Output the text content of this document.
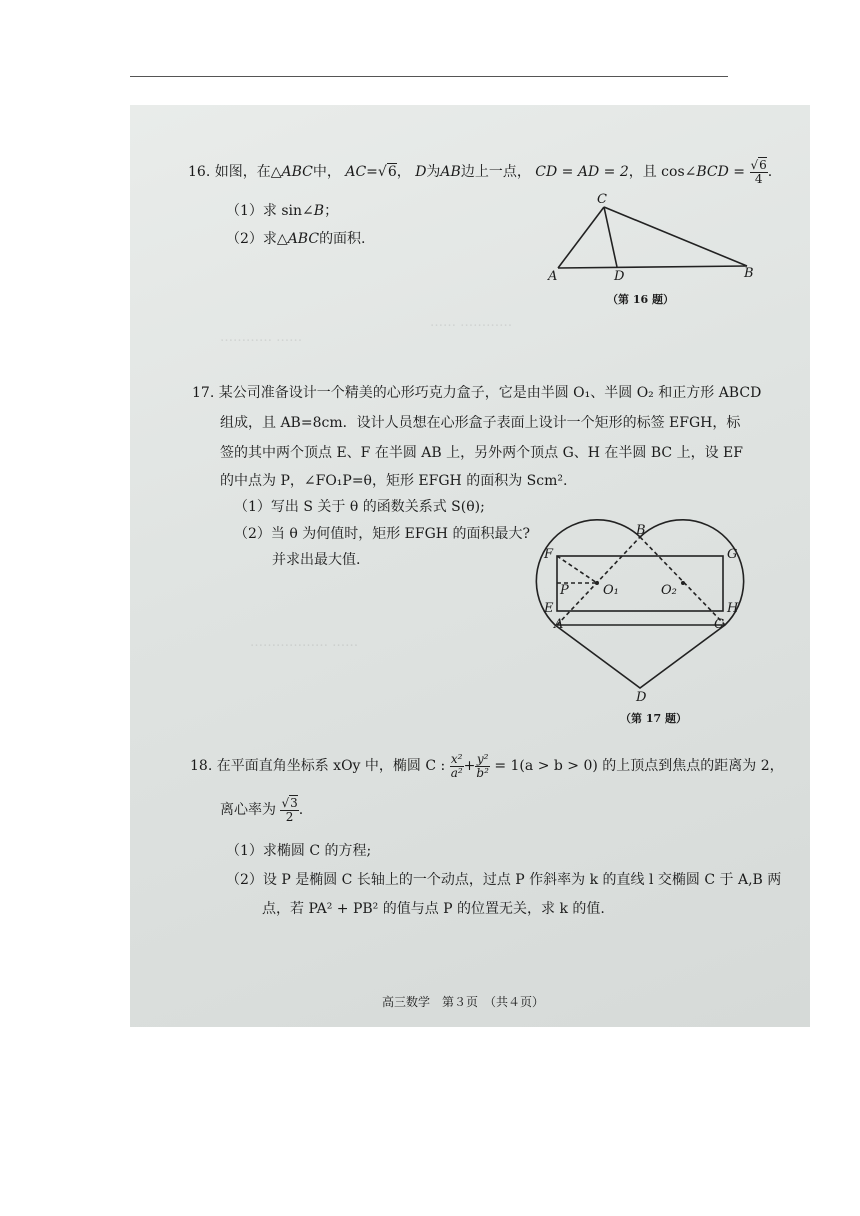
…… …………
………… ……
……………… ……
16. 如图，在△ABC中， AC=√6， D为AB边上一点， CD = AD = 2，且 cos∠BCD = $\frac{√6}{4}$ .
（1）求 sin∠B；
（2）求△ABC的面积.
C
A	D	B
（第 16 题）
17. 某公司准备设计一个精美的心形巧克力盒子，它是由半圆 O₁、半圆 O₂ 和正方形 ABCD
组成，且 AB=8cm．设计人员想在心形盒子表面上设计一个矩形的标签 EFGH，标
签的其中两个顶点 E、F 在半圆 AB 上，另外两个顶点 G、H 在半圆 BC 上，设 EF
的中点为 P，∠FO₁P=θ，矩形 EFGH 的面积为 Scm².
（1）写出 S 关于 θ 的函数关系式 S(θ);
（2）当 θ 为何值时，矩形 EFGH 的面积最大?
并求出最大值.
B
F	G
P	O₁	O₂
E
A
H
C
D
（第 17 题）
18. 在平面直角坐标系 xOy 中，椭圆 C : $\frac{\text{x²}}{\text{a²}} + \frac{\text{y²}}{\text{b²}} = 1(a > b > 0)$ 的上顶点到焦点的距离为 2，
离心率为 $\frac{√3}{2}$ .
（1）求椭圆 C 的方程;
（2）设 P 是椭圆 C 长轴上的一个动点，过点 P 作斜率为 k 的直线 l 交椭圆 C 于 A,B 两
点，若 PA² + PB² 的值与点 P 的位置无关，求 k 的值.
高三数学　第３页　（共４页）
